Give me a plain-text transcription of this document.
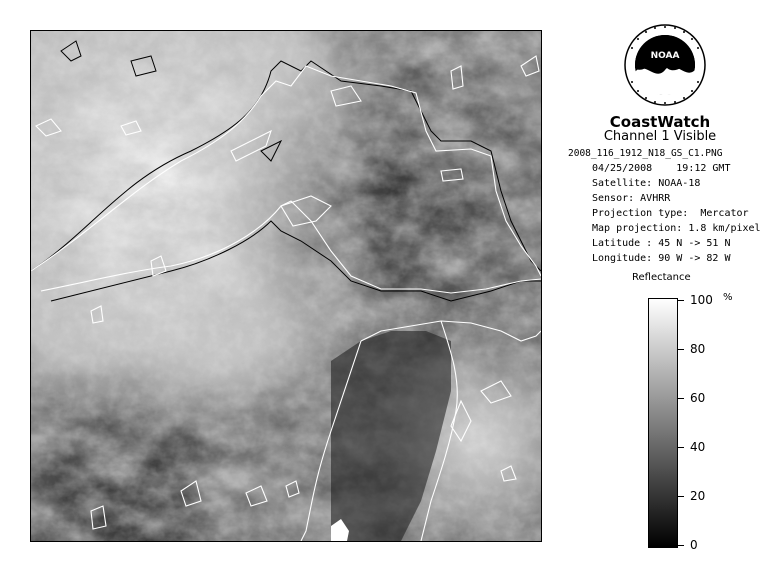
NOAA
CoastWatch
Channel 1 Visible
2008_116_1912_N18_GS_C1.PNG
04/25/2008    19:12 GMT
Satellite: NOAA-18
Sensor: AVHRR
Projection type:  Mercator
Map projection: 1.8 km/pixel
Latitude : 45 N -> 51 N
Longitude: 90 W -> 82 W
Reflectance
%
100
80
60
40
20
0
